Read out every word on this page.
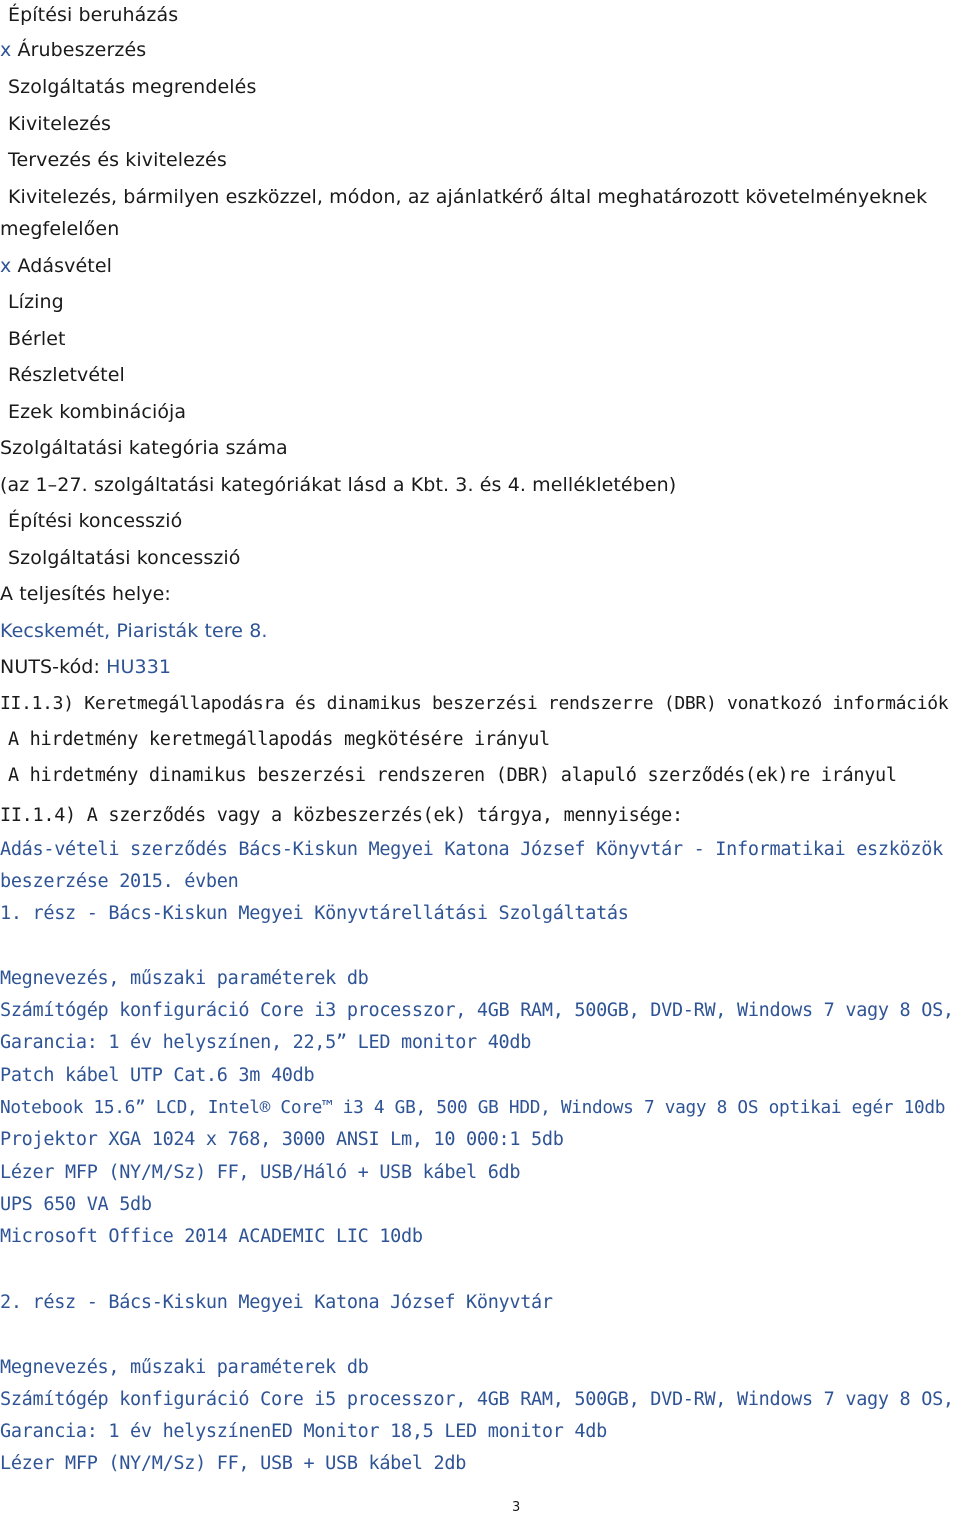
Építési beruházás

x Árubeszerzés

Szolgáltatás megrendelés

Kivitelezés

Tervezés és kivitelezés

Kivitelezés, bármilyen eszközzel, módon, az ajánlatkérő által meghatározott követelményeknek

megfelelően

x Adásvétel

Lízing

Bérlet

Részletvétel

Ezek kombinációja

Szolgáltatási kategória száma

(az 1–27. szolgáltatási kategóriákat lásd a Kbt. 3. és 4. mellékletében)

Építési koncesszió

Szolgáltatási koncesszió

A teljesítés helye:

Kecskemét, Piaristák tere 8.

NUTS-kód: HU331

II.1.3) Keretmegállapodásra és dinamikus beszerzési rendszerre (DBR) vonatkozó információk

A hirdetmény keretmegállapodás megkötésére irányul

A hirdetmény dinamikus beszerzési rendszeren (DBR) alapuló szerződés(ek)re irányul

II.1.4) A szerződés vagy a közbeszerzés(ek) tárgya, mennyisége:

Adás-vételi szerződés Bács-Kiskun Megyei Katona József Könyvtár - Informatikai eszközök

beszerzése 2015. évben

1. rész - Bács-Kiskun Megyei Könyvtárellátási Szolgáltatás

Megnevezés, műszaki paraméterek db

Számítógép konfiguráció Core i3 processzor, 4GB RAM, 500GB, DVD-RW, Windows 7 vagy 8 OS,

Garancia: 1 év helyszínen, 22,5” LED monitor 40db

Patch kábel UTP Cat.6 3m 40db

Notebook 15.6” LCD, Intel® Core™ i3 4 GB, 500 GB HDD, Windows 7 vagy 8 OS optikai egér 10db

Projektor XGA 1024 x 768, 3000 ANSI Lm, 10 000:1 5db

Lézer MFP (NY/M/Sz) FF, USB/Háló + USB kábel 6db

UPS 650 VA 5db

Microsoft Office 2014 ACADEMIC LIC 10db

2. rész - Bács-Kiskun Megyei Katona József Könyvtár

Megnevezés, műszaki paraméterek db

Számítógép konfiguráció Core i5 processzor, 4GB RAM, 500GB, DVD-RW, Windows 7 vagy 8 OS,

Garancia: 1 év helyszínenED Monitor 18,5 LED monitor 4db

Lézer MFP (NY/M/Sz) FF, USB + USB kábel 2db

3
